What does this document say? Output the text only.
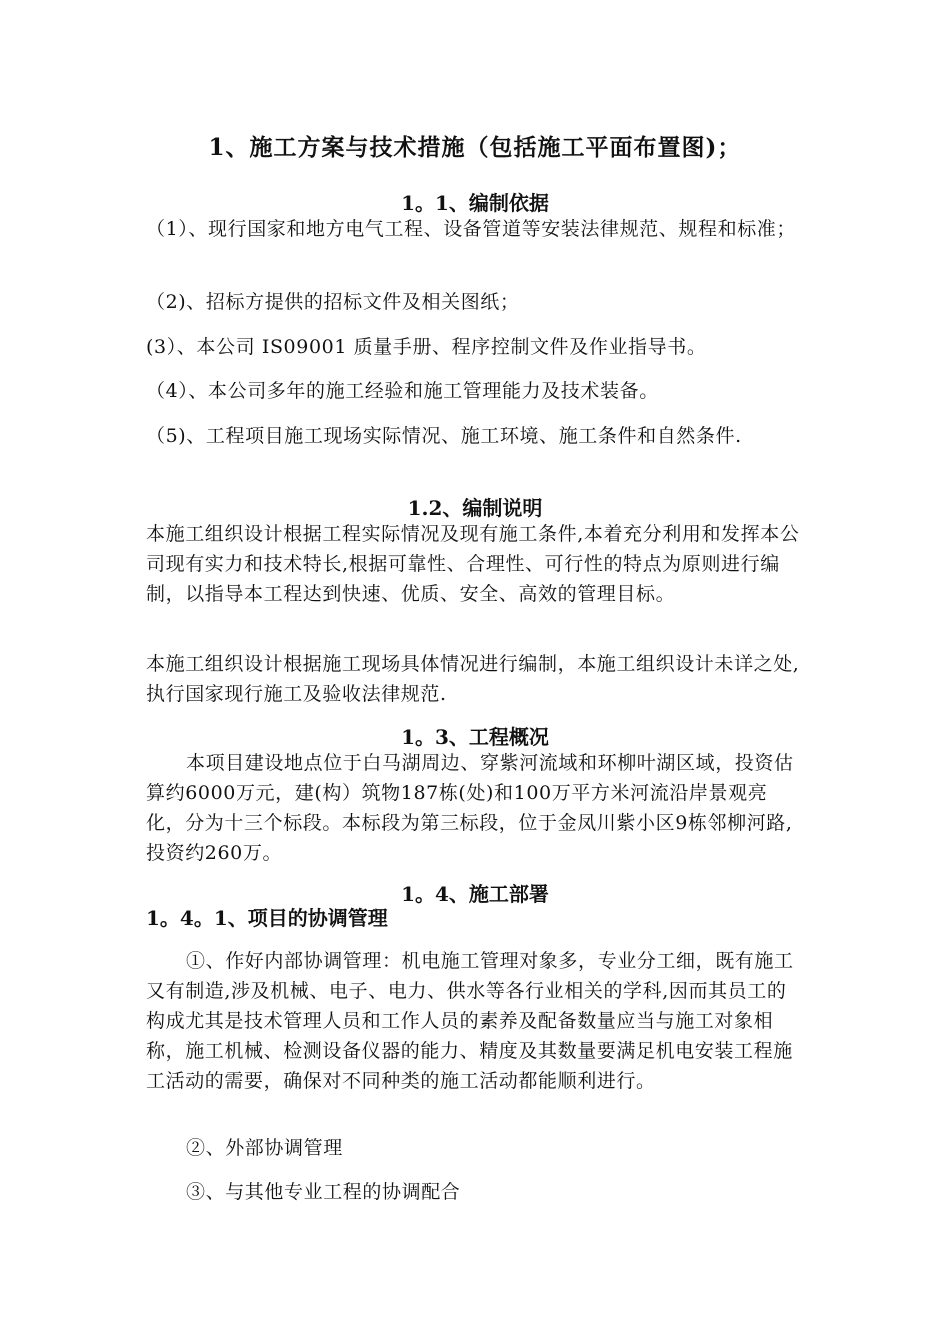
1、施工方案与技术措施（包括施工平面布置图)；
1。1、编制依据

（1）、现行国家和地方电气工程、设备管道等安装法律规范、规程和标准；

（2)、招标方提供的招标文件及相关图纸；

(3）、本公司 IS09001 质量手册、程序控制文件及作业指导书。

（4）、本公司多年的施工经验和施工管理能力及技术装备。

（5)、工程项目施工现场实际情况、施工环境、施工条件和自然条件.

1.2、编制说明

本施工组织设计根据工程实际情况及现有施工条件,本着充分利用和发挥本公司现有实力和技术特长,根据可靠性、合理性、可行性的特点为原则进行编制，以指导本工程达到快速、优质、安全、高效的管理目标。

本施工组织设计根据施工现场具体情况进行编制，本施工组织设计未详之处,执行国家现行施工及验收法律规范.

1。3、工程概况

本项目建设地点位于白马湖周边、穿紫河流域和环柳叶湖区域，投资估算约6000万元，建(构）筑物187栋(处)和100万平方米河流沿岸景观亮化，分为十三个标段。本标段为第三标段，位于金凤川紫小区9栋邻柳河路,投资约260万。

1。4、施工部署
1。4。1、项目的协调管理

①、作好内部协调管理：机电施工管理对象多，专业分工细，既有施工又有制造,涉及机械、电子、电力、供水等各行业相关的学科,因而其员工的构成尤其是技术管理人员和工作人员的素养及配备数量应当与施工对象相称，施工机械、检测设备仪器的能力、精度及其数量要满足机电安装工程施工活动的需要，确保对不同种类的施工活动都能顺利进行。

②、外部协调管理

③、与其他专业工程的协调配合
